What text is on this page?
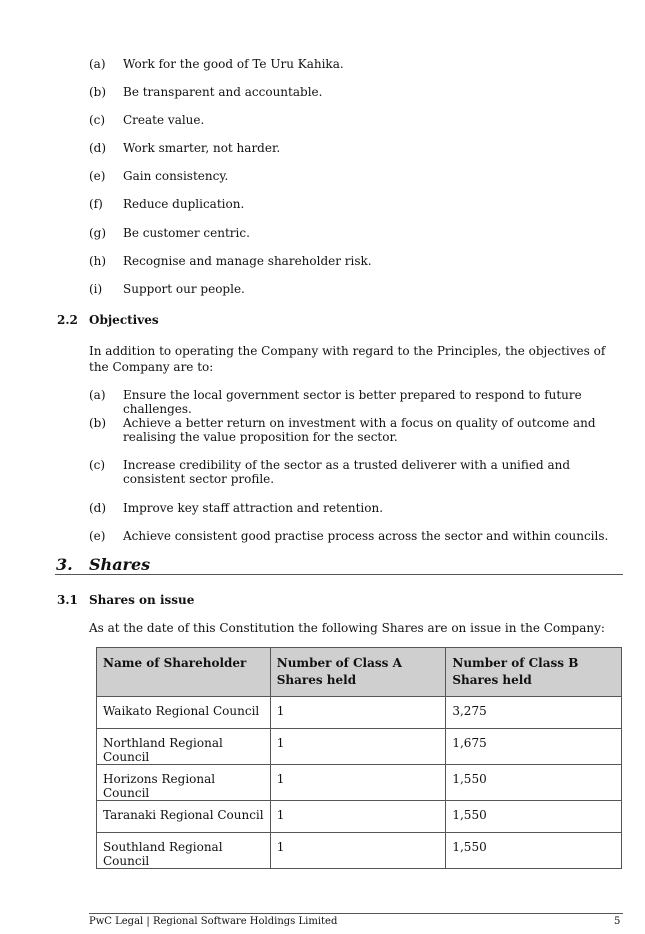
(a)	Work for the good of Te Uru Kahika.
(b)	Be transparent and accountable.
(c)	Create value.
(d)	Work smarter, not harder.
(e)	Gain consistency.
(f)	Reduce duplication.
(g)	Be customer centric.
(h)	Recognise and manage shareholder risk.
(i)	Support our people.
2.2 Objectives
In addition to operating the Company with regard to the Principles, the objectives of the Company are to:
(a)	Ensure the local government sector is better prepared to respond to future challenges.
(b)	Achieve a better return on investment with a focus on quality of outcome and realising the value proposition for the sector.
(c)	Increase credibility of the sector as a trusted deliverer with a unified and consistent sector profile.
(d)	Improve key staff attraction and retention.
(e)	Achieve consistent good practise process across the sector and within councils.
3. Shares
3.1 Shares on issue
As at the date of this Constitution the following Shares are on issue in the Company:
Name of Shareholder	Number of Class A Shares held	Number of Class B Shares held
Waikato Regional Council	1	3,275
Northland Regional Council	1	1,675
Horizons Regional Council	1	1,550
Taranaki Regional Council	1	1,550
Southland Regional Council	1	1,550
PwC Legal | Regional Software Holdings Limited	5
